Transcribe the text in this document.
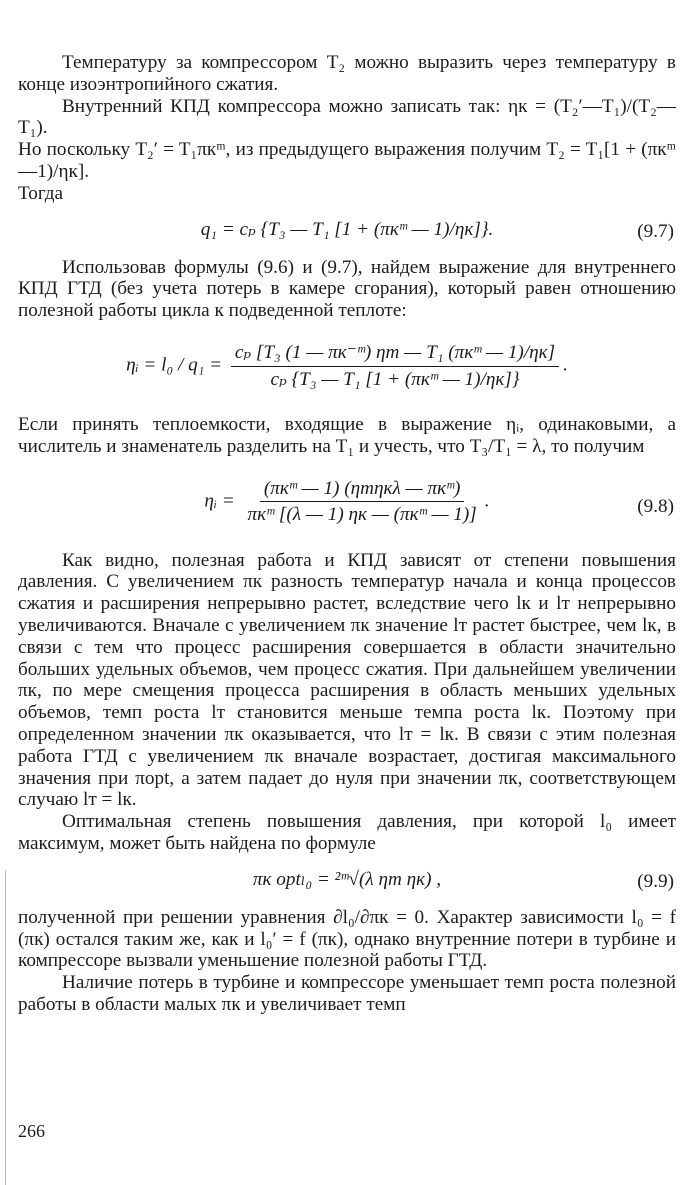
Температуру за компрессором T₂ можно выразить через температуру в конце изоэнтропийного сжатия.

Внутренний КПД компрессора можно записать так: ηк = (T₂′—T₁)/(T₂—T₁).

Но поскольку T₂′ = T₁πкᵐ, из предыдущего выражения получим T₂ = T₁[1 + (πкᵐ—1)/ηк].

Тогда

q₁ = cₚ {T₃ — T₁ [1 + (πкᵐ — 1)/ηк]}.	(9.7)

Использовав формулы (9.6) и (9.7), найдем выражение для внутреннего КПД ГТД (без учета потерь в камере сгорания), который равен отношению полезной работы цикла к подведенной теплоте:

ηᵢ = $l_0 / q_1 = \frac{\text{cₚ [T₃ (1 — πк⁻ᵐ) ηт — T₁ (πкᵐ — 1)/ηк]}}{\text{cₚ \{T₃ — T₁ [1 + (πкᵐ — 1)/ηк]\}}}$ .

Если принять теплоемкости, входящие в выражение ηᵢ, одинаковыми, а числитель и знаменатель разделить на T₁ и учесть, что T₃/T₁ = λ, то получим

ηᵢ = $\frac{\text{(πкᵐ — 1) (ηтηкλ — πкᵐ)}}{\text{πкᵐ [(λ — 1) ηк — (πкᵐ — 1)]}}$ .	(9.8)

Как видно, полезная работа и КПД зависят от степени повышения давления. С увеличением πк разность температур начала и конца процессов сжатия и расширения непрерывно растет, вследствие чего lк и lт непрерывно увеличиваются. Вначале с увеличением πк значение lт растет быстрее, чем lк, в связи с тем что процесс расширения совершается в области значительно больших удельных объемов, чем процесс сжатия. При дальнейшем увеличении πк, по мере смещения процесса расширения в область меньших удельных объемов, темп роста lт становится меньше темпа роста lк. Поэтому при определенном значении πк оказывается, что lт = lк. В связи с этим полезная работа ГТД с увеличением πк вначале возрастает, достигая максимального значения при πopt, а затем падает до нуля при значении πк, соответствующем случаю lт = lк.

Оптимальная степень повышения давления, при которой l₀ имеет максимум, может быть найдена по формуле

πк optₗ₀ = ²ᵐ√(λ ηт ηк) ,	(9.9)

полученной при решении уравнения ∂l₀/∂πк = 0. Характер зависимости l₀ = f (πк) остался таким же, как и l₀′ = f (πк), однако внутренние потери в турбине и компрессоре вызвали уменьшение полезной работы ГТД.

Наличие потерь в турбине и компрессоре уменьшает темп роста полезной работы в области малых πк и увеличивает темп

266
